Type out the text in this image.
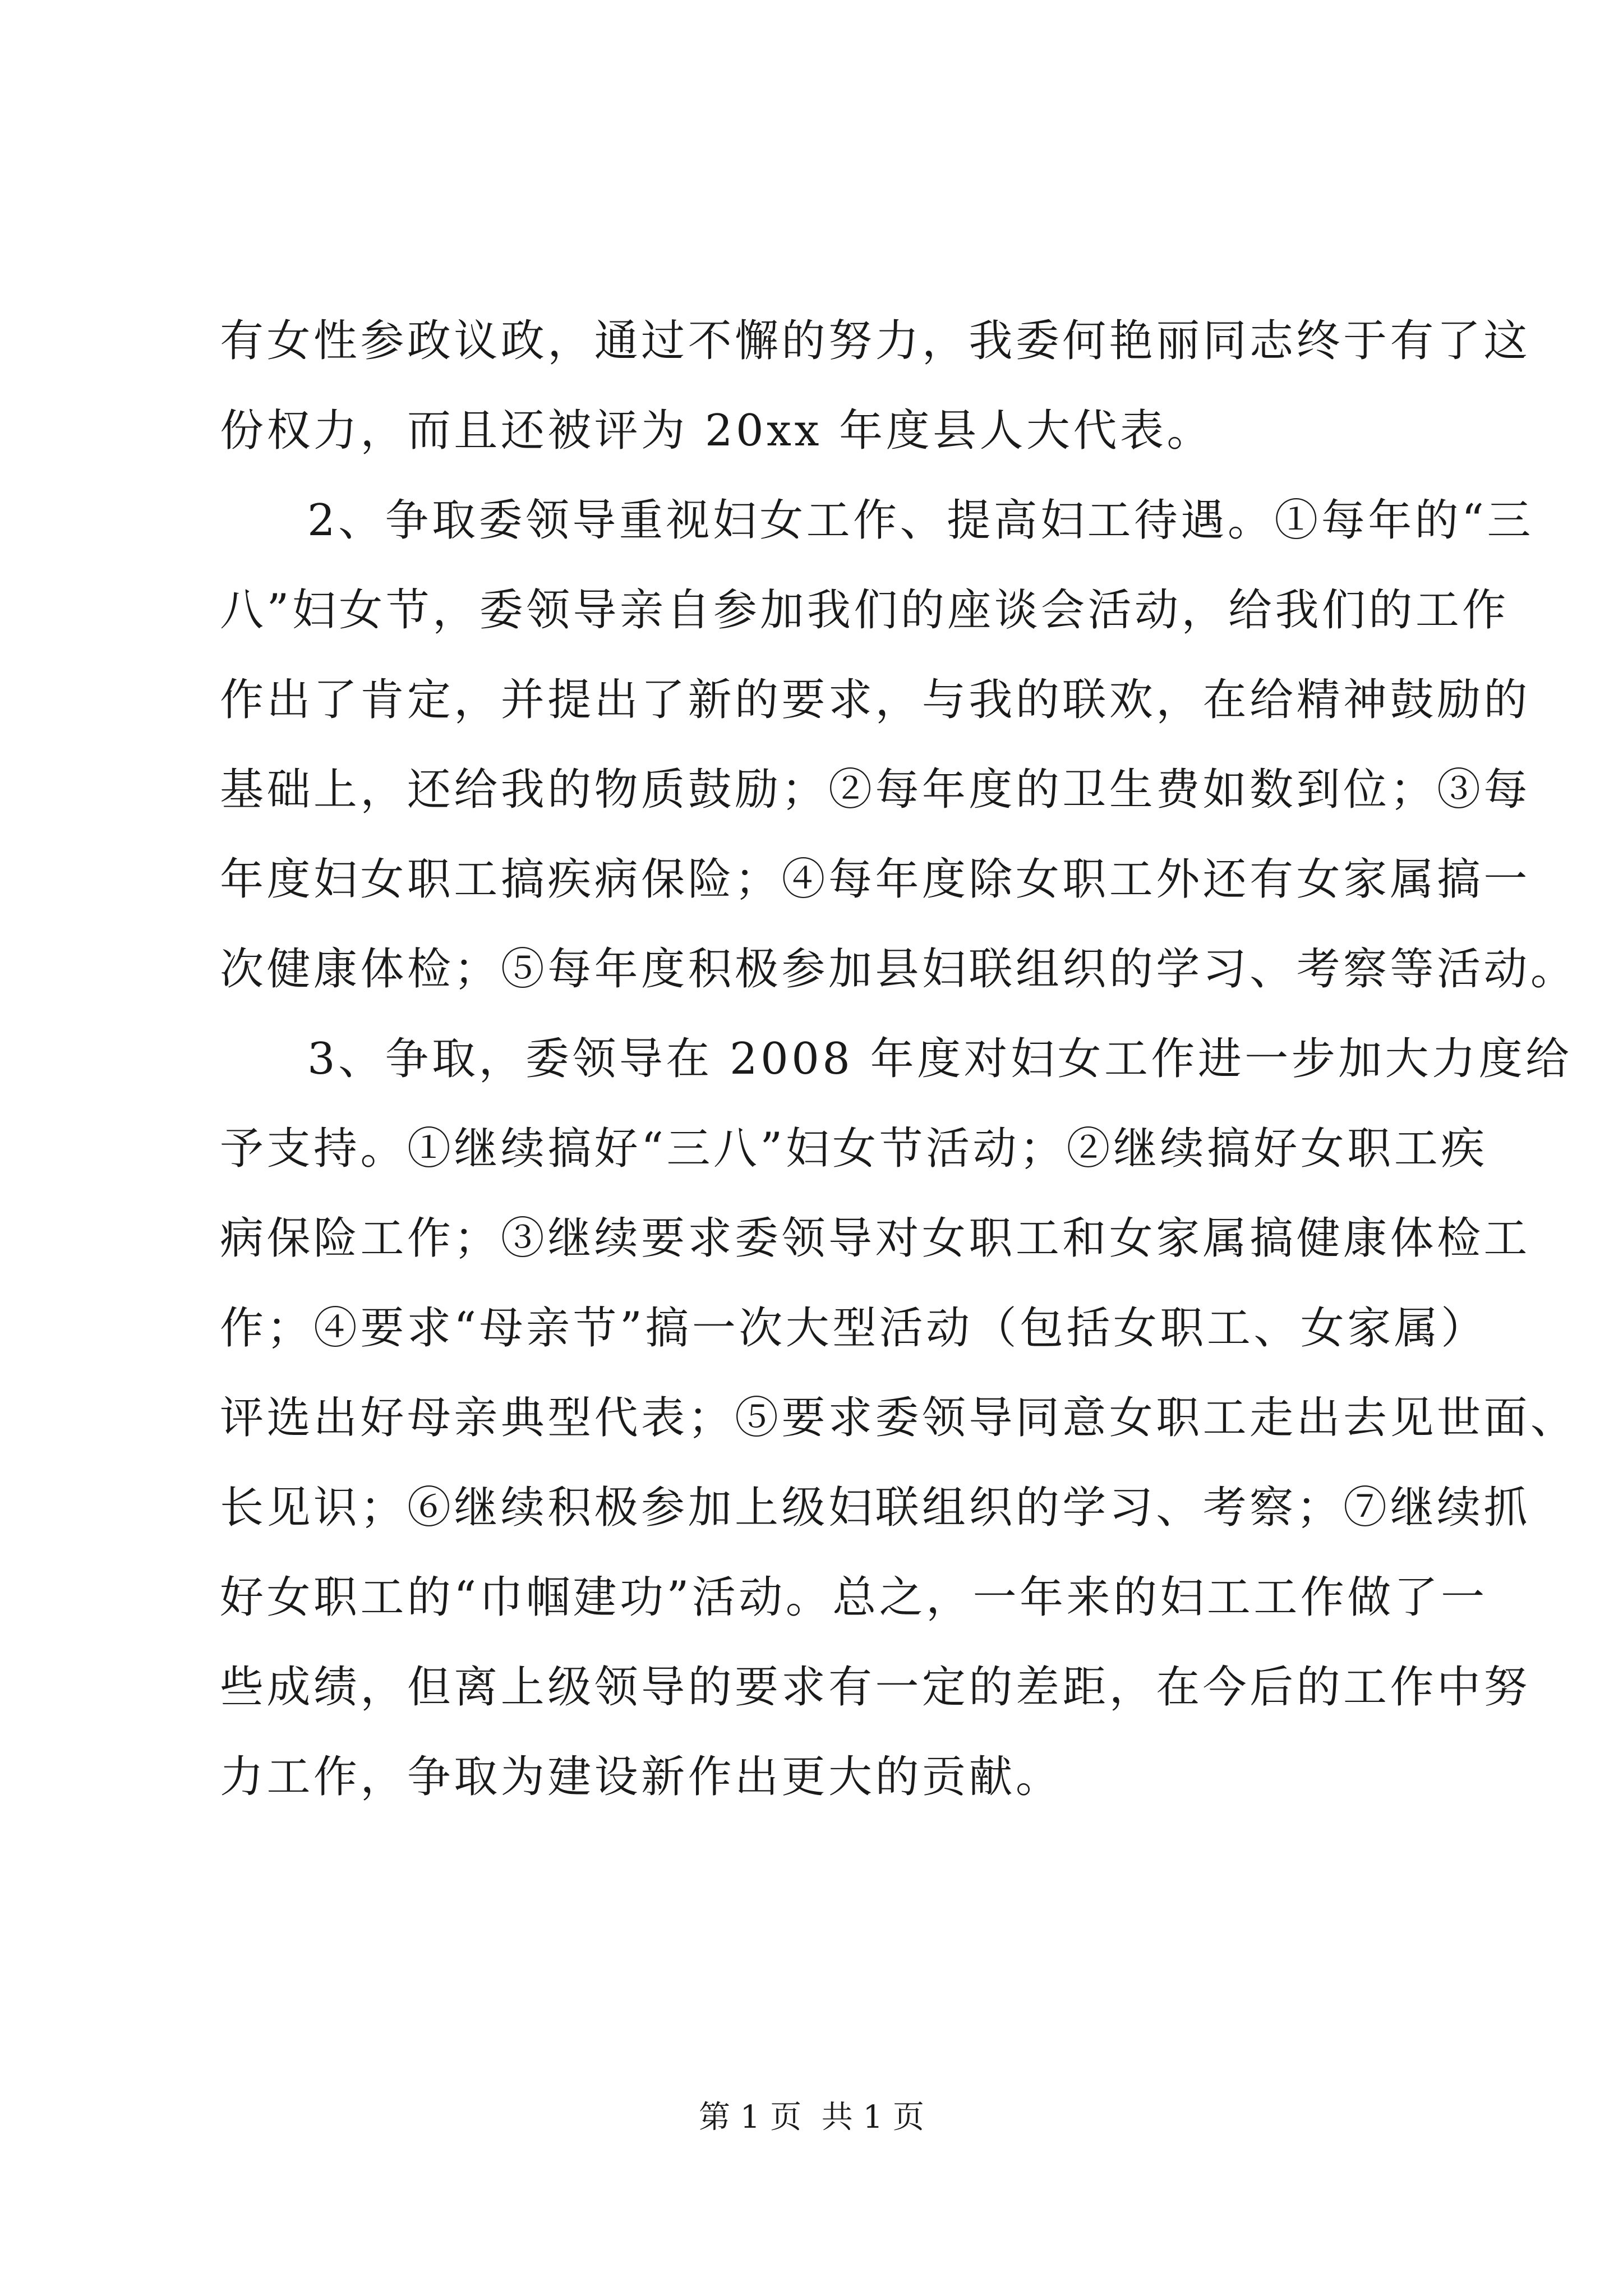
有女性参政议政，通过不懈的努力，我委何艳丽同志终于有了这
份权力，而且还被评为 20xx 年度县人大代表。
2、争取委领导重视妇女工作、提高妇工待遇。①每年的“三
八”妇女节，委领导亲自参加我们的座谈会活动，给我们的工作
作出了肯定，并提出了新的要求，与我的联欢，在给精神鼓励的
基础上，还给我的物质鼓励；②每年度的卫生费如数到位；③每
年度妇女职工搞疾病保险；④每年度除女职工外还有女家属搞一
次健康体检；⑤每年度积极参加县妇联组织的学习、考察等活动。
3、争取，委领导在 2008 年度对妇女工作进一步加大力度给
予支持。①继续搞好“三八”妇女节活动；②继续搞好女职工疾
病保险工作；③继续要求委领导对女职工和女家属搞健康体检工
作；④要求“母亲节”搞一次大型活动（包括女职工、女家属）
评选出好母亲典型代表；⑤要求委领导同意女职工走出去见世面、
长见识；⑥继续积极参加上级妇联组织的学习、考察；⑦继续抓
好女职工的“巾帼建功”活动。总之，一年来的妇工工作做了一
些成绩，但离上级领导的要求有一定的差距，在今后的工作中努
力工作，争取为建设新作出更大的贡献。
第 1 页  共 1 页
